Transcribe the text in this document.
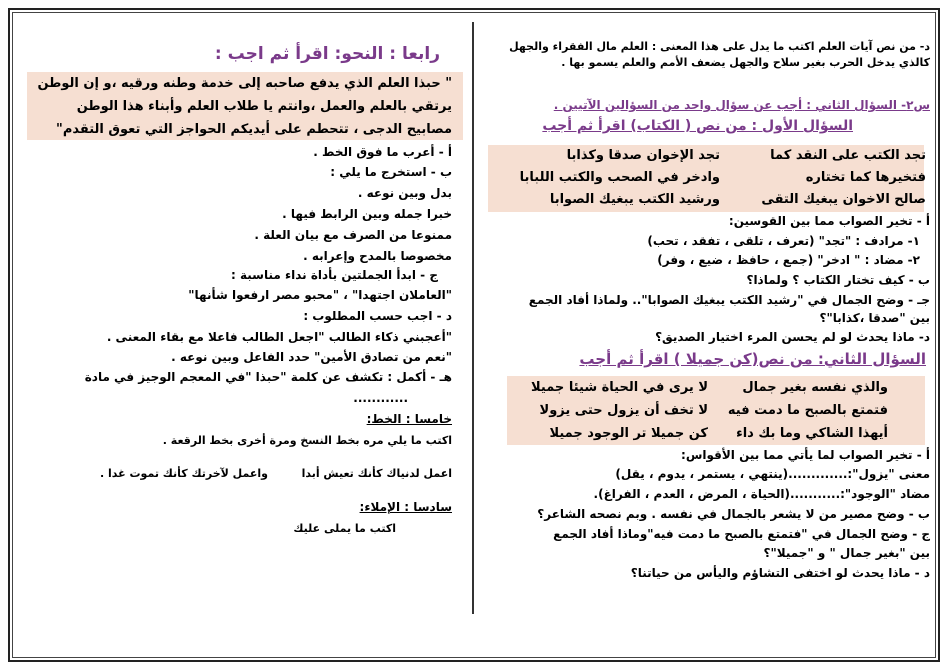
د- من نص آيات العلم اكتب ما يدل على هذا المعنى : العلم مال الفقراء والجهل
كالذي يدخل الحرب بغير سلاح والجهل يضعف الأمم والعلم يسمو بها .
س٢- السؤال الثاني : أجب عن سؤال واحد من السؤالين الآتيين .
السؤال الأول : من نص ( الكتاب) اقرأ ثم أجب
تجد الكتب على النقد كما
تجد الإخوان صدقا وكذابا
فتخيرها كما تختاره
وادخر في الصحب والكتب اللبابا
صالح الاخوان يبغيك التقى
ورشيد الكتب يبغيك الصوابا
أ - تخير الصواب مما بين القوسين:
١- مرادف : "تجد" (تعرف ، تلقى ، تفقد ، تحب)
٢- مضاد : " ادخر" (جمع ، حافظ ، ضيع ، وفر)
ب - كيف تختار الكتاب ؟ ولماذا؟
جـ - وضح الجمال في "رشيد الكتب يبغيك الصوابا".. ولماذا أفاد الجمع
بين "صدقا ،كذابا"؟
د- ماذا يحدث لو لم يحسن المرء اختيار الصديق؟
السؤال الثاني: من نص(كن جميلا ) اقرأ ثم أجب
والذي نفسه بغير جمال
لا يرى في الحياة شيئا جميلا
فتمتع بالصبح ما دمت فيه
لا تخف أن يزول حتى يزولا
أيهذا الشاكي وما بك داء
كن جميلا تر الوجود جميلا
أ - تخير الصواب لما يأتي مما بين الأقواس:
معنى "يزول":.............(ينتهي ، يستمر ، يدوم ، يقل)
مضاد "الوجود":...........(الحياة ، المرض ، العدم ، الفراغ).
ب - وضح مصير من لا يشعر بالجمال في نفسه . وبم نصحه الشاعر؟
ج - وضح الجمال في "فتمتع بالصبح ما دمت فيه"وماذا أفاد الجمع
بين "بغير جمال " و "جميلا"؟
د - ماذا يحدث لو اختفى التشاؤم واليأس من حياتنا؟
رابعا : النحو: اقرأ ثم اجب :
" حبذا العلم الذي يدفع صاحبه إلى خدمة وطنه ورقيه ،و إن الوطن
يرتقي بالعلم والعمل ،وانتم يا طلاب العلم وأبناء هذا الوطن
مصابيح الدجى ، تتحطم على أيديكم الحواجز التي تعوق التقدم"
أ - أعرب ما فوق الخط .
ب - استخرج ما يلي :
بدل وبين نوعه .
خبرا جمله وبين الرابط فيها .
ممنوعا من الصرف مع بيان العلة .
مخصوصا بالمدح وإعرابه .
ج - ابدأ الجملتين بأداة نداء مناسبة :
"العاملان اجتهدا" ، "محبو مصر ارفعوا شأنها"
د - اجب حسب المطلوب :
"أعجبني ذكاء الطالب "اجعل الطالب فاعلا مع بقاء المعنى .
"نعم من تصادق الأمين" حدد الفاعل وبين نوعه .
هـ - أكمل : تكشف عن كلمة "حبذا "في المعجم الوجيز في مادة
............
خامسا : الخط:
اكتب ما يلي مره بخط النسخ ومرة أخرى بخط الرقعة .
اعمل لدنياك كأنك تعيش أبدا
واعمل لآخرتك كأنك تموت غدا .
سادسا : الإملاء:
اكتب ما يملى عليك
